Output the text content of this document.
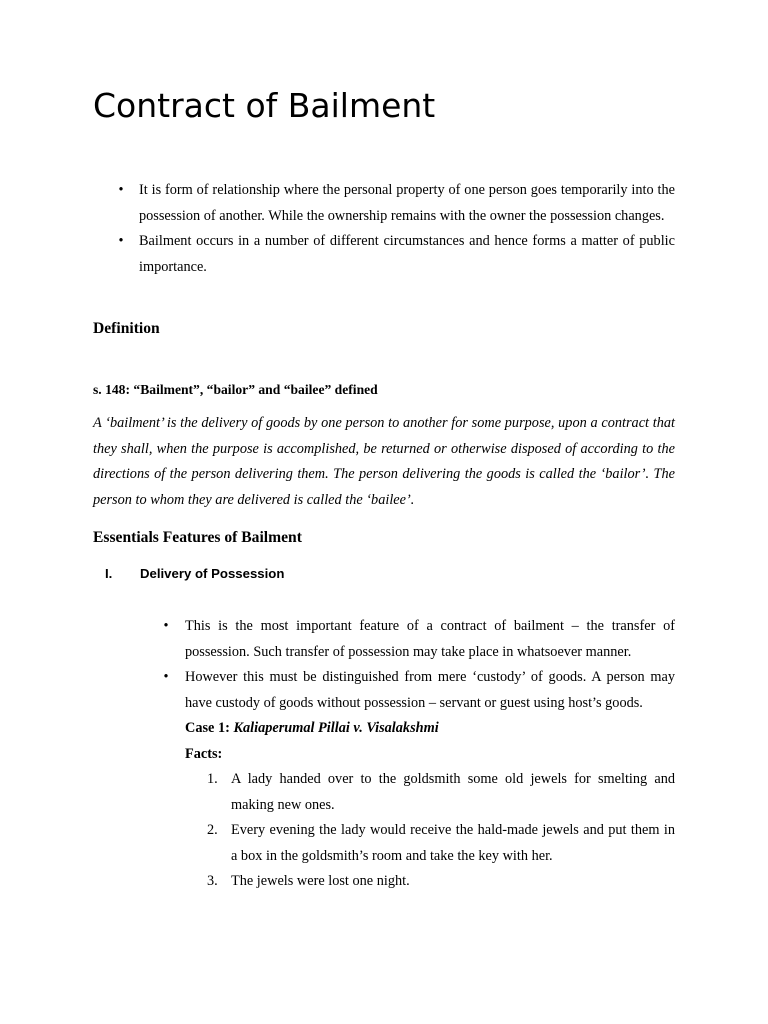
Contract of Bailment
• It is form of relationship where the personal property of one person goes temporarily into the possession of another. While the ownership remains with the owner the possession changes.
• Bailment occurs in a number of different circumstances and hence forms a matter of public importance.
Definition

s. 148: “Bailment”, “bailor” and “bailee” defined

A ‘bailment’ is the delivery of goods by one person to another for some purpose, upon a contract that they shall, when the purpose is accomplished, be returned or otherwise disposed of according to the directions of the person delivering them. The person delivering the goods is called the ‘bailor’. The person to whom they are delivered is called the ‘bailee’.

Essentials Features of Bailment
I. Delivery of Possession
• This is the most important feature of a contract of bailment – the transfer of possession. Such transfer of possession may take place in whatsoever manner.
• However this must be distinguished from mere ‘custody’ of goods. A person may have custody of goods without possession – servant or guest using host’s goods.
Case 1: Kaliaperumal Pillai v. Visalakshmi
Facts:
1. A lady handed over to the goldsmith some old jewels for smelting and making new ones.
2. Every evening the lady would receive the hald-made jewels and put them in a box in the goldsmith’s room and take the key with her.
3. The jewels were lost one night.
